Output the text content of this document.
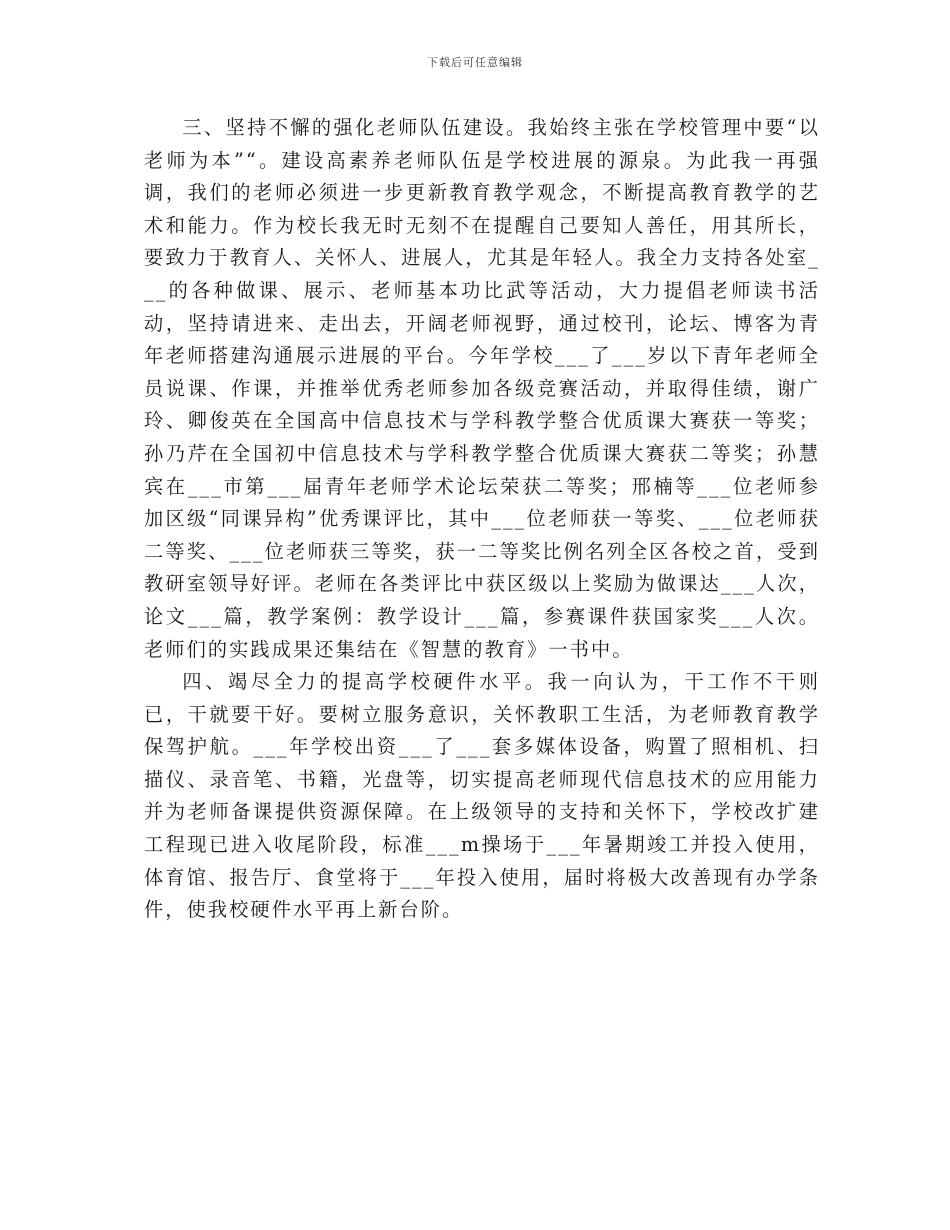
下载后可任意编辑

三、坚持不懈的强化老师队伍建设。我始终主张在学校管理中要“以老师为本”“。建设高素养老师队伍是学校进展的源泉。为此我一再强调，我们的老师必须进一步更新教育教学观念，不断提高教育教学的艺术和能力。作为校长我无时无刻不在提醒自己要知人善任，用其所长，要致力于教育人、关怀人、进展人，尤其是年轻人。我全力支持各处室___的各种做课、展示、老师基本功比武等活动，大力提倡老师读书活动，坚持请进来、走出去，开阔老师视野，通过校刊，论坛、博客为青年老师搭建沟通展示进展的平台。今年学校___了___岁以下青年老师全员说课、作课，并推举优秀老师参加各级竞赛活动，并取得佳绩，谢广玲、卿俊英在全国高中信息技术与学科教学整合优质课大赛获一等奖；孙乃芹在全国初中信息技术与学科教学整合优质课大赛获二等奖；孙慧宾在___市第___届青年老师学术论坛荣获二等奖；邢楠等___位老师参加区级“同课异构”优秀课评比，其中___位老师获一等奖、___位老师获二等奖、___位老师获三等奖，获一二等奖比例名列全区各校之首，受到教研室领导好评。老师在各类评比中获区级以上奖励为做课达___人次，论文___篇，教学案例：教学设计___篇，参赛课件获国家奖___人次。老师们的实践成果还集结在《智慧的教育》一书中。

四、竭尽全力的提高学校硬件水平。我一向认为，干工作不干则已，干就要干好。要树立服务意识，关怀教职工生活，为老师教育教学保驾护航。___年学校出资___了___套多媒体设备，购置了照相机、扫描仪、录音笔、书籍，光盘等，切实提高老师现代信息技术的应用能力并为老师备课提供资源保障。在上级领导的支持和关怀下，学校改扩建工程现已进入收尾阶段，标准___m操场于___年暑期竣工并投入使用，体育馆、报告厅、食堂将于___年投入使用，届时将极大改善现有办学条件，使我校硬件水平再上新台阶。
